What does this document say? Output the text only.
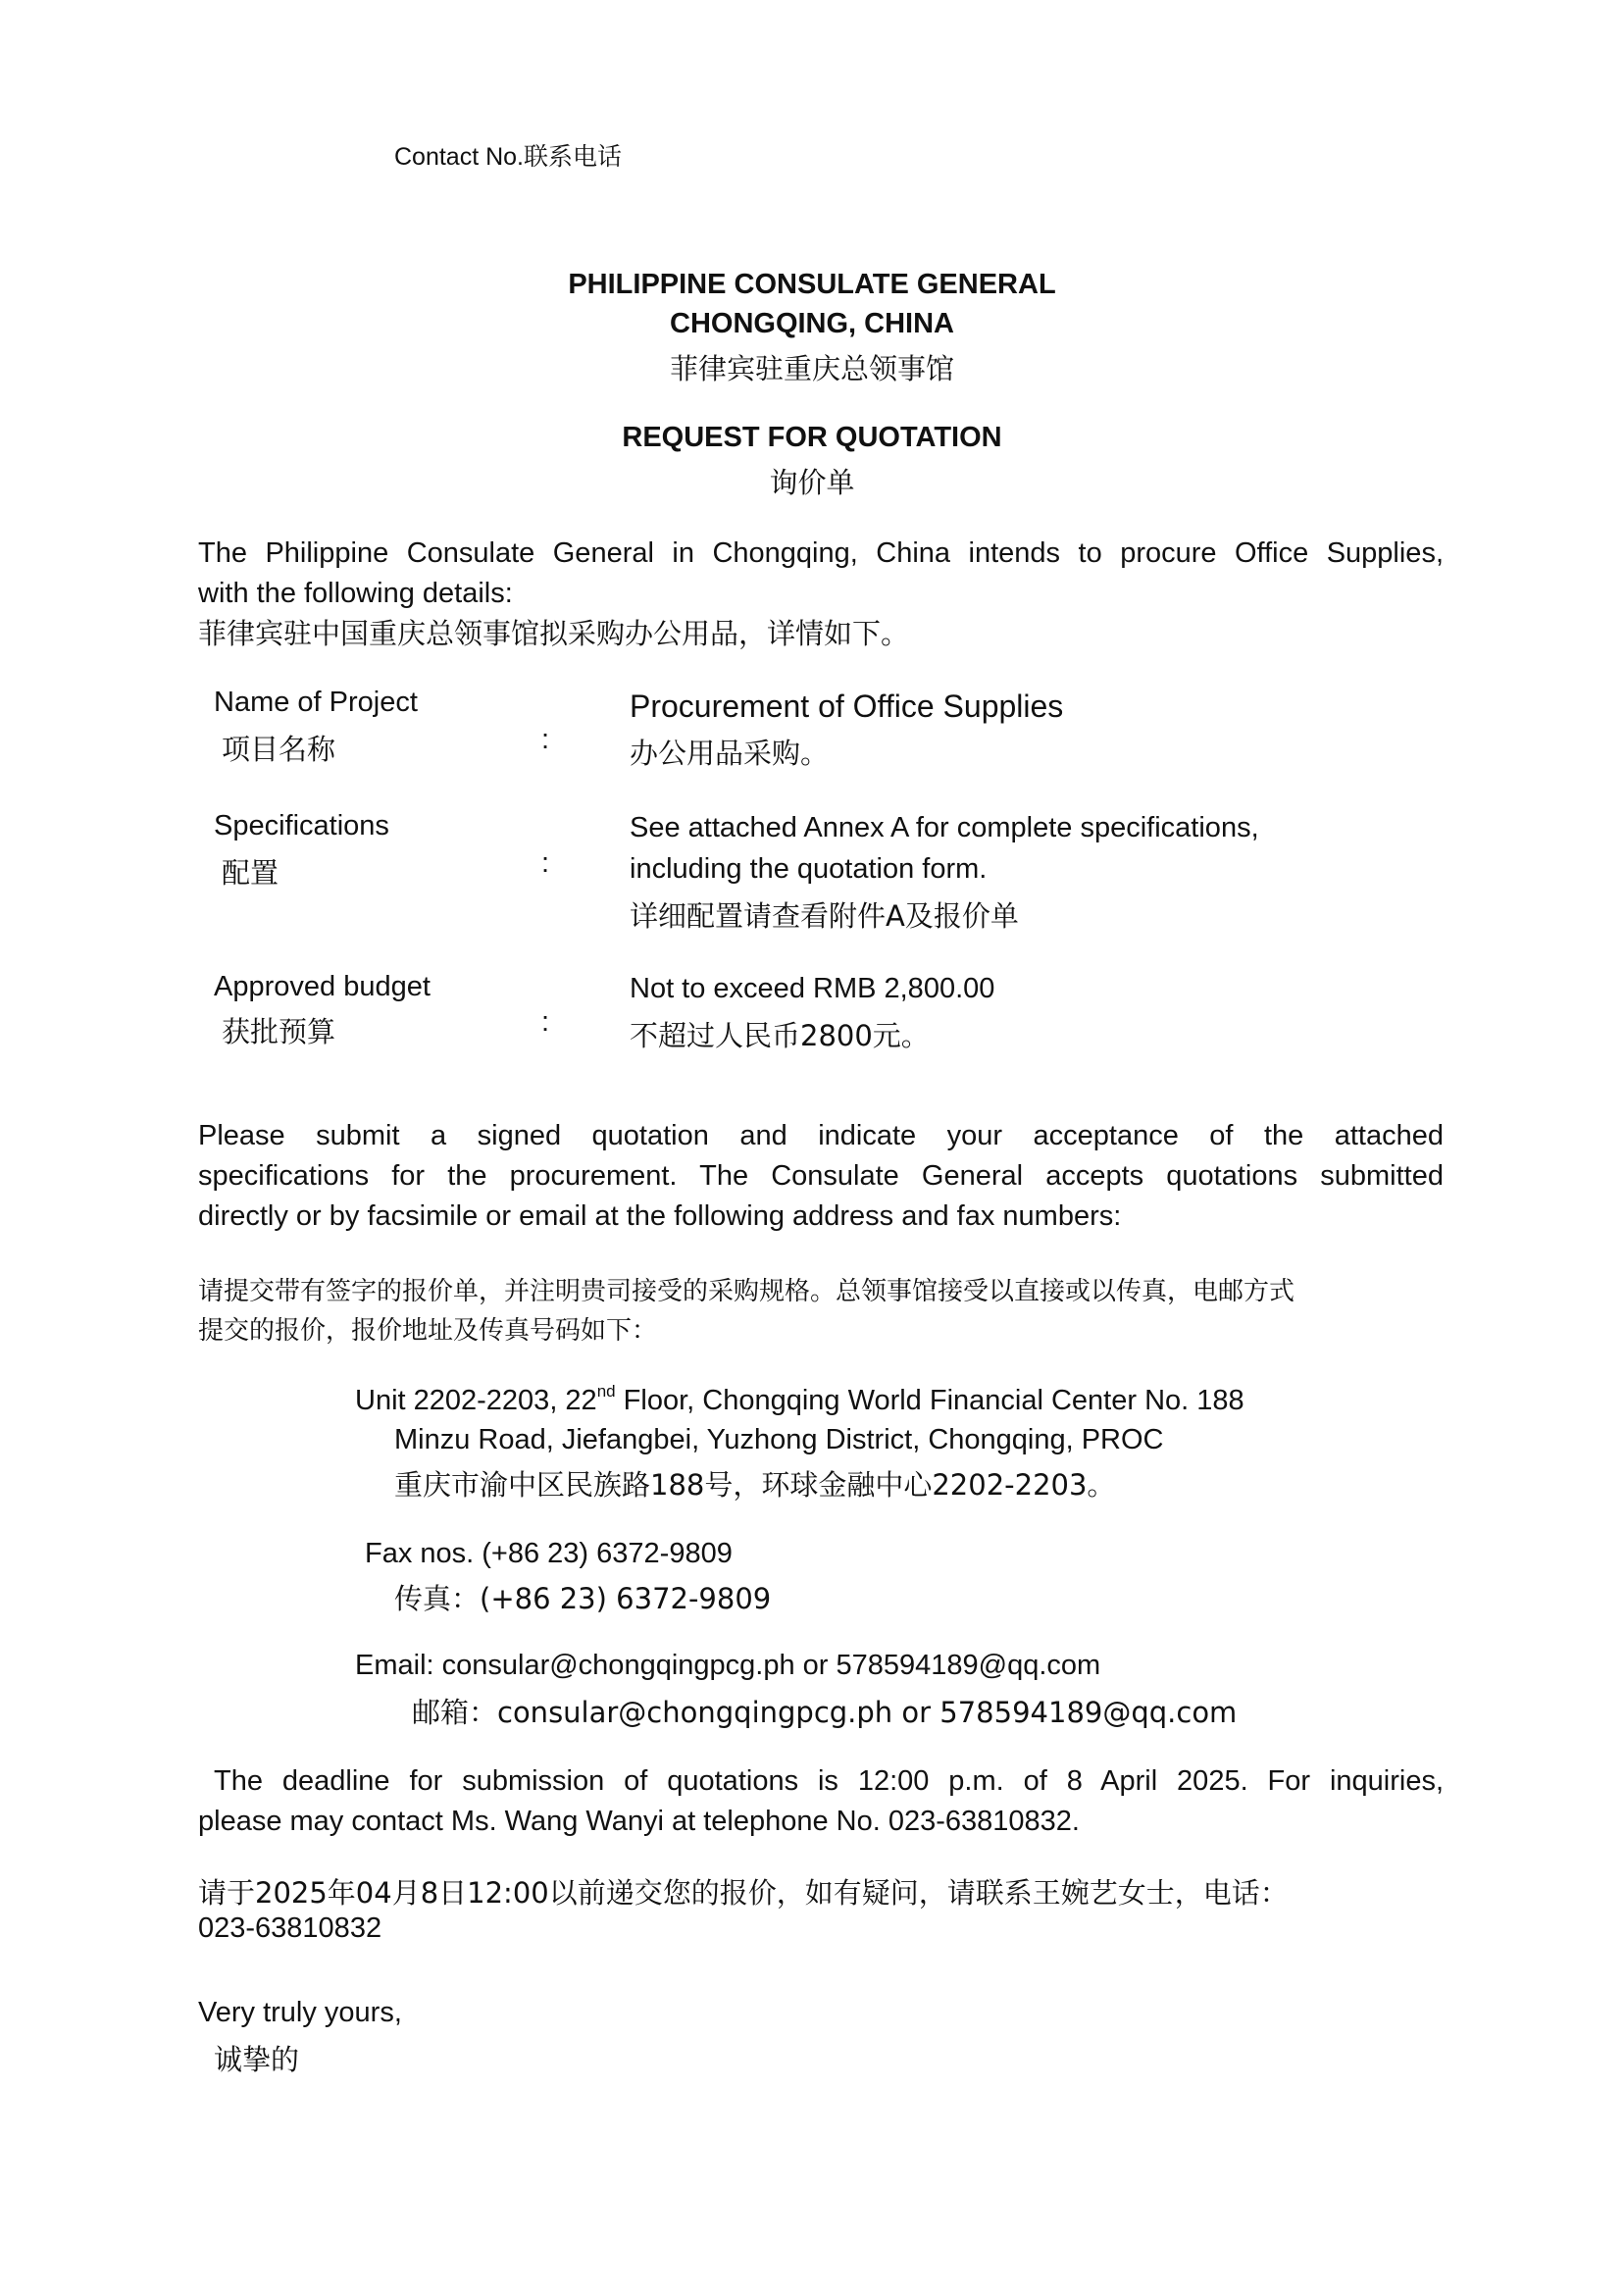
Contact No.联系电话
PHILIPPINE CONSULATE GENERAL
CHONGQING, CHINA
菲律宾驻重庆总领事馆
REQUEST FOR QUOTATION
询价单
The Philippine Consulate General in Chongqing, China intends to procure Office Supplies,
with the following details:
菲律宾驻中国重庆总领事馆拟采购办公用品，详情如下。
Name of Project
项目名称	:
Procurement of Office Supplies
办公用品采购。
Specifications
配置	:
See attached Annex A for complete specifications,
including the quotation form.
详细配置请查看附件A及报价单
Approved budget
获批预算	:
Not to exceed RMB 2,800.00
不超过人民币2800元。
Please submit a signed quotation and indicate your acceptance of the attached
specifications for the procurement. The Consulate General accepts quotations submitted
directly or by facsimile or email at the following address and fax numbers:
请提交带有签字的报价单，并注明贵司接受的采购规格。总领事馆接受以直接或以传真，电邮方式
提交的报价，报价地址及传真号码如下：
Unit 2202-2203, 22nd Floor, Chongqing World Financial Center No. 188
Minzu Road, Jiefangbei, Yuzhong District, Chongqing, PROC
重庆市渝中区民族路188号，环球金融中心2202-2203。
Fax nos. (+86 23) 6372-9809
传真：(+86 23) 6372-9809
Email: consular@chongqingpcg.ph or 578594189@qq.com
邮箱：consular@chongqingpcg.ph or 578594189@qq.com
The deadline for submission of quotations is 12:00 p.m. of 8 April 2025. For inquiries,
please may contact Ms. Wang Wanyi at telephone No. 023-63810832.
请于2025年04月8日12:00以前递交您的报价，如有疑问，请联系王婉艺女士，电话：
023-63810832
Very truly yours,
诚挚的
